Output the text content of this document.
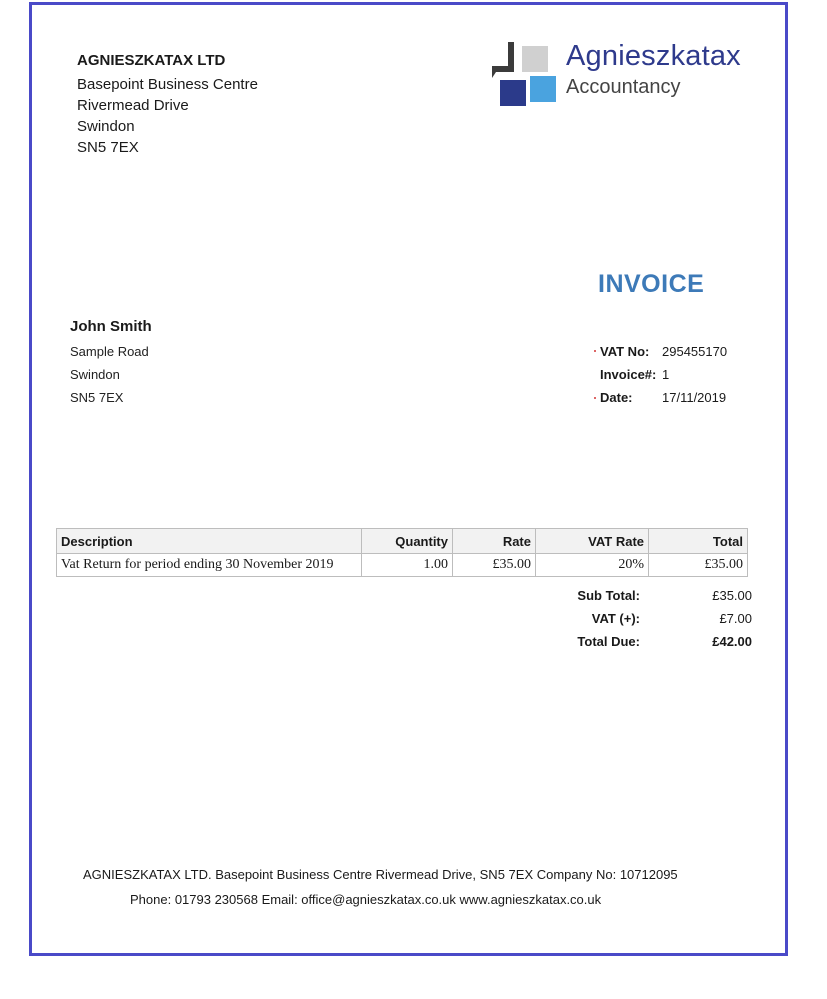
AGNIESZKATAX LTD
Basepoint Business Centre
Rivermead Drive
Swindon
SN5 7EX
Agnieszkatax
Accountancy
INVOICE
John Smith
Sample Road
Swindon
SN5 7EX
VAT No: 295455170
Invoice#: 1
Date: 17/11/2019
Description	Quantity	Rate	VAT Rate	Total
Vat Return for period ending 30 November 2019	1.00	£35.00	20%	£35.00
Sub Total:	£35.00
VAT (+):	£7.00
Total Due:	£42.00
AGNIESZKATAX LTD. Basepoint Business Centre Rivermead Drive, SN5 7EX Company No: 10712095
Phone: 01793 230568 Email: office@agnieszkatax.co.uk www.agnieszkatax.co.uk
